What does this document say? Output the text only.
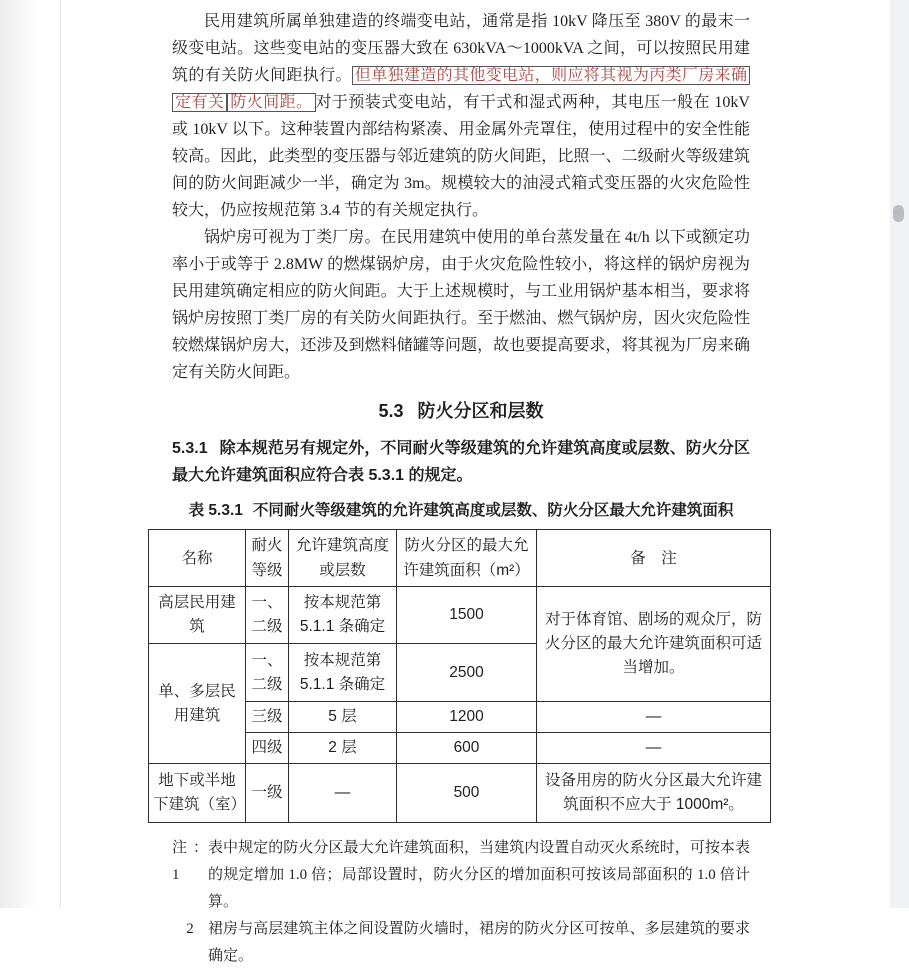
民用建筑所属单独建造的终端变电站，通常是指 10kV 降压至 380V 的最末一级变电站。这些变电站的变压器大致在 630kVA～1000kVA 之间，可以按照民用建筑的有关防火间距执行。 但单独建造的其他变电站，则应将其视为丙类厂房来确定有关 防火间距。 对于预装式变电站，有干式和湿式两种，其电压一般在 10kV 或 10kV 以下。这种装置内部结构紧凑、用金属外壳罩住，使用过程中的安全性能较高。因此，此类型的变压器与邻近建筑的防火间距，比照一、二级耐火等级建筑间的防火间距减少一半，确定为 3m。规模较大的油浸式箱式变压器的火灾危险性较大，仍应按规范第 3.4 节的有关规定执行。

锅炉房可视为丁类厂房。在民用建筑中使用的单台蒸发量在 4t/h 以下或额定功率小于或等于 2.8MW 的燃煤锅炉房，由于火灾危险性较小，将这样的锅炉房视为民用建筑确定相应的防火间距。大于上述规模时，与工业用锅炉基本相当，要求将锅炉房按照丁类厂房的有关防火间距执行。至于燃油、燃气锅炉房，因火灾危险性较燃煤锅炉房大，还涉及到燃料储罐等问题，故也要提高要求，将其视为厂房来确定有关防火间距。

5.3 防火分区和层数
5.3.1 除本规范另有规定外，不同耐火等级建筑的允许建筑高度或层数、防火分区最大允许建筑面积应符合表 5.3.1 的规定。
表 5.3.1 不同耐火等级建筑的允许建筑高度或层数、防火分区最大允许建筑面积
名称	耐火等级	允许建筑高度或层数	防火分区的最大允许建筑面积（m²）	备　注
高层民用建筑	一、二级	按本规范第 5.1.1 条确定	1500	对于体育馆、剧场的观众厅，防火分区的最大允许建筑面积可适当增加。
单、多层民用建筑	一、二级	按本规范第 5.1.1 条确定	2500	
	三级	5 层	1200	—
	四级	2 层	600	—
地下或半地下建筑（室）	一级	—	500	设备用房的防火分区最大允许建筑面积不应大于 1000m²。
注：1
表中规定的防火分区最大允许建筑面积，当建筑内设置自动灭火系统时，可按本表的规定增加 1.0 倍；局部设置时，防火分区的增加面积可按该局部面积的 1.0 倍计算。
2 裙房与高层建筑主体之间设置防火墙时，裙房的防火分区可按单、多层建筑的要求确定。
